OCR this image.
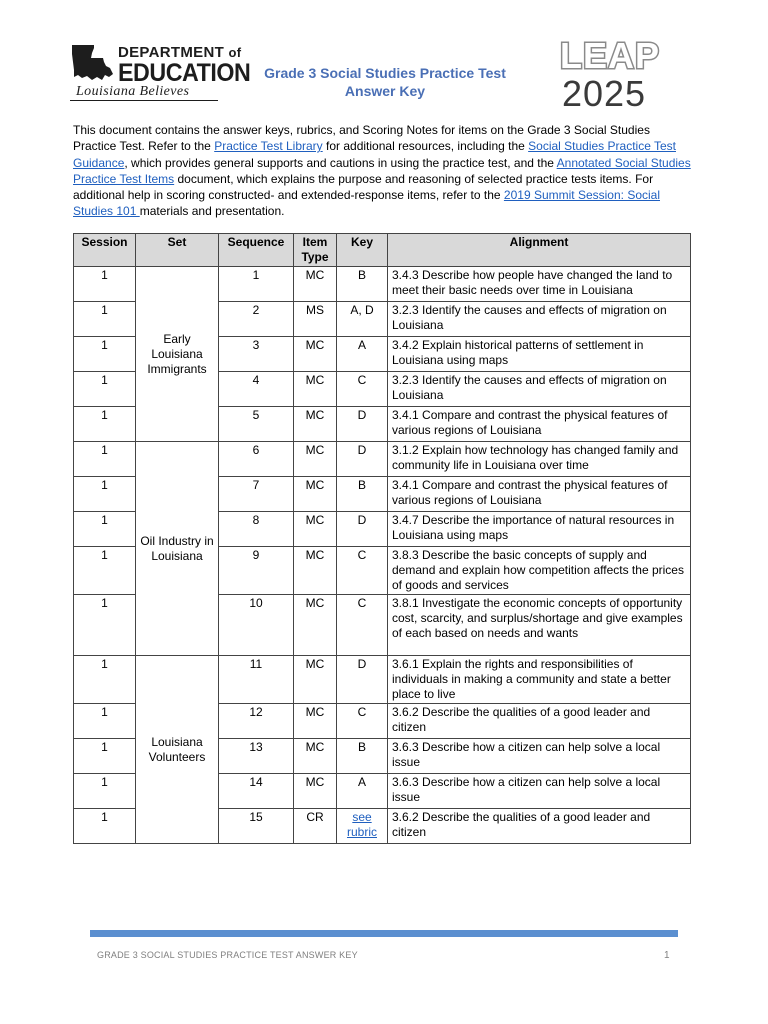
DEPARTMENT of
EDUCATION
Louisiana Believes
Grade 3 Social Studies Practice Test
Answer Key
LEAP
2025
This document contains the answer keys, rubrics, and Scoring Notes for items on the Grade 3 Social Studies Practice Test. Refer to the Practice Test Library for additional resources, including the Social Studies Practice Test Guidance, which provides general supports and cautions in using the practice test, and the Annotated Social Studies Practice Test Items document, which explains the purpose and reasoning of selected practice tests items. For additional help in scoring constructed- and extended-response items, refer to the 2019 Summit Session: Social Studies 101 materials and presentation.
Session	Set	Sequence	Item Type	Key	Alignment
1	Early Louisiana Immigrants	1	MC	B	3.4.3 Describe how people have changed the land to meet their basic needs over time in Louisiana
1		2	MS	A, D	3.2.3 Identify the causes and effects of migration on Louisiana
1		3	MC	A	3.4.2 Explain historical patterns of settlement in Louisiana using maps
1		4	MC	C	3.2.3 Identify the causes and effects of migration on Louisiana
1		5	MC	D	3.4.1 Compare and contrast the physical features of various regions of Louisiana
1	Oil Industry in Louisiana	6	MC	D	3.1.2 Explain how technology has changed family and community life in Louisiana over time
1		7	MC	B	3.4.1 Compare and contrast the physical features of various regions of Louisiana
1		8	MC	D	3.4.7 Describe the importance of natural resources in Louisiana using maps
1		9	MC	C	3.8.3 Describe the basic concepts of supply and demand and explain how competition affects the prices of goods and services
1		10	MC	C	3.8.1 Investigate the economic concepts of opportunity cost, scarcity, and surplus/shortage and give examples of each based on needs and wants
1	Louisiana Volunteers	11	MC	D	3.6.1 Explain the rights and responsibilities of individuals in making a community and state a better place to live
1		12	MC	C	3.6.2 Describe the qualities of a good leader and citizen
1		13	MC	B	3.6.3 Describe how a citizen can help solve a local issue
1		14	MC	A	3.6.3 Describe how a citizen can help solve a local issue
1		15	CR	see rubric	3.6.2 Describe the qualities of a good leader and citizen
GRADE 3 SOCIAL STUDIES PRACTICE TEST ANSWER KEY	1
